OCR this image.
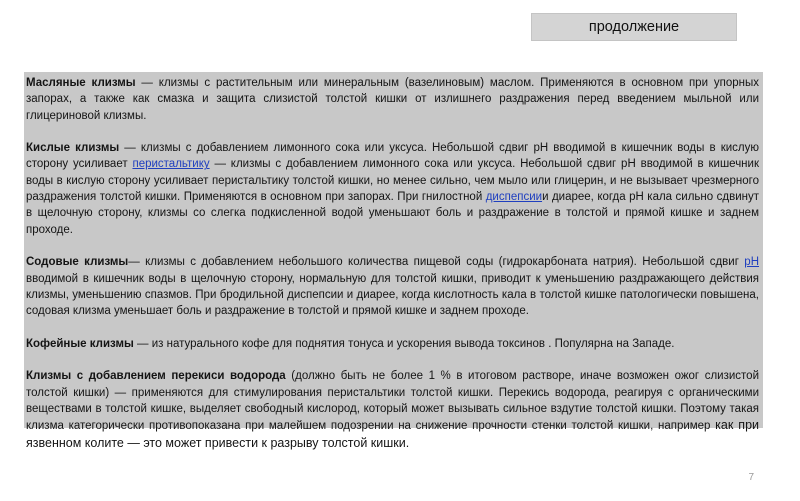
продолжение

Масляные клизмы — клизмы с растительным или минеральным (вазелиновым) маслом. Применяются в основном при упорных запорах, а также как смазка и защита слизистой толстой кишки от излишнего раздражения перед введением мыльной или глицериновой клизмы.

Кислые клизмы — клизмы с добавлением лимонного сока или уксуса. Небольшой сдвиг pH вводимой в кишечник воды в кислую сторону усиливает перистальтику — клизмы с добавлением лимонного сока или уксуса. Небольшой сдвиг pH вводимой в кишечник воды в кислую сторону усиливает перистальтику толстой кишки, но менее сильно, чем мыло или глицерин, и не вызывает чрезмерного раздражения толстой кишки. Применяются в основном при запорах. При гнилостной диспепсиии диарее, когда pH кала сильно сдвинут в щелочную сторону, клизмы со слегка подкисленной водой уменьшают боль и раздражение в толстой и прямой кишке и заднем проходе.

Содовые клизмы— клизмы с добавлением небольшого количества пищевой соды (гидрокарбоната натрия). Небольшой сдвиг pH вводимой в кишечник воды в щелочную сторону, нормальную для толстой кишки, приводит к уменьшению раздражающего действия клизмы, уменьшению спазмов. При бродильной диспепсии и диарее, когда кислотность кала в толстой кишке патологически повышена, содовая клизма уменьшает боль и раздражение в толстой и прямой кишке и заднем проходе.

Кофейные клизмы — из натурального кофе для поднятия тонуса и ускорения вывода токсинов . Популярна на Западе.

Клизмы с добавлением перекиси водорода (должно быть не более 1 % в итоговом растворе, иначе возможен ожог слизистой толстой кишки) — применяются для стимулирования перистальтики толстой кишки. Перекись водорода, реагируя с органическими веществами в толстой кишке, выделяет свободный кислород, который может вызывать сильное вздутие толстой кишки. Поэтому такая клизма категорически противопоказана при малейшем подозрении на снижение прочности стенки толстой кишки, например как при язвенном колите — это может привести к разрыву толстой кишки.

7
